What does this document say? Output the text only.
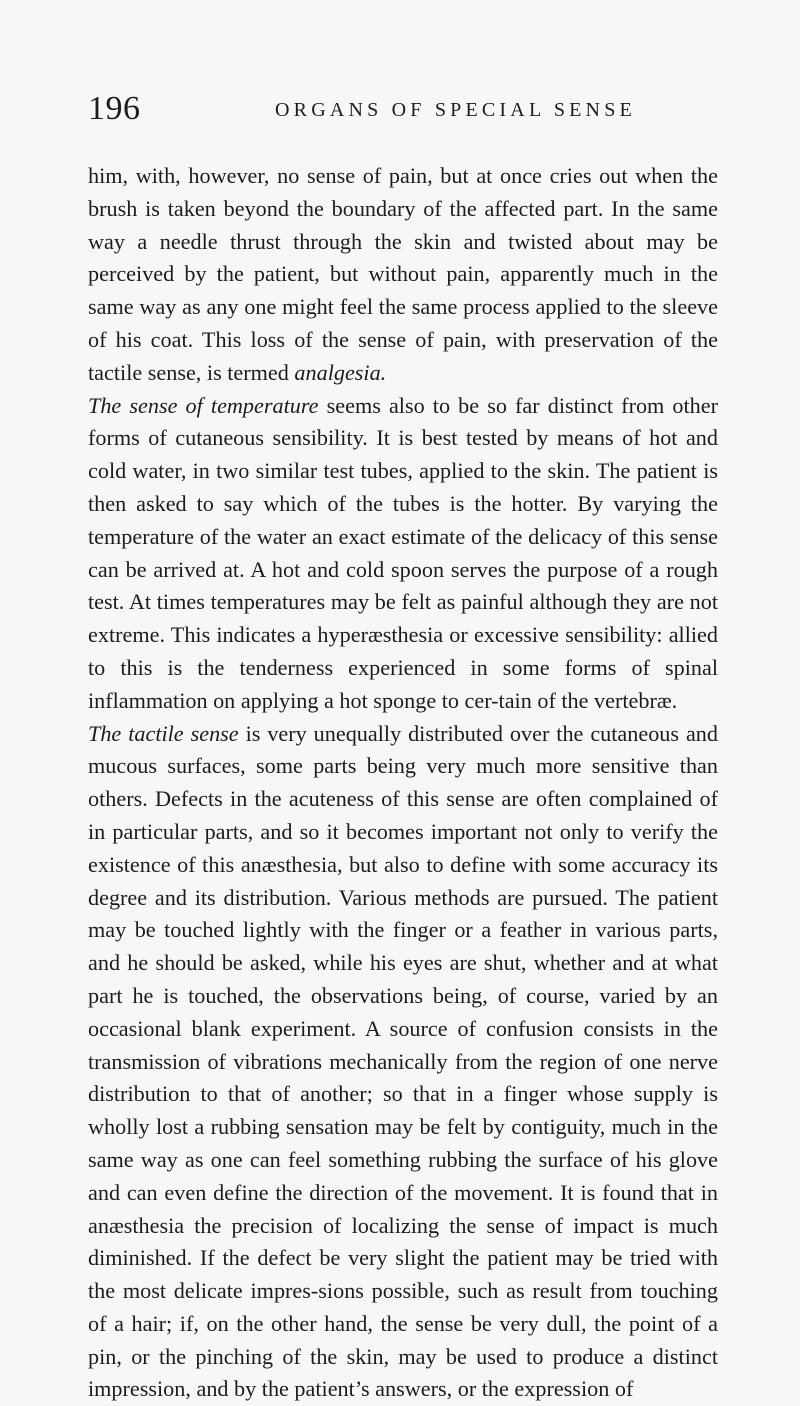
196	ORGANS OF SPECIAL SENSE

him, with, however, no sense of pain, but at once cries out when the brush is taken beyond the boundary of the affected part. In the same way a needle thrust through the skin and twisted about may be perceived by the patient, but without pain, apparently much in the same way as any one might feel the same process applied to the sleeve of his coat. This loss of the sense of pain, with preservation of the tactile sense, is termed analgesia.

The sense of temperature seems also to be so far distinct from other forms of cutaneous sensibility. It is best tested by means of hot and cold water, in two similar test tubes, applied to the skin. The patient is then asked to say which of the tubes is the hotter. By varying the temperature of the water an exact estimate of the delicacy of this sense can be arrived at. A hot and cold spoon serves the purpose of a rough test. At times temperatures may be felt as painful although they are not extreme. This indicates a hyperæsthesia or excessive sensibility: allied to this is the tenderness experienced in some forms of spinal inflammation on applying a hot sponge to cer-tain of the vertebræ.

The tactile sense is very unequally distributed over the cutaneous and mucous surfaces, some parts being very much more sensitive than others. Defects in the acuteness of this sense are often complained of in particular parts, and so it becomes important not only to verify the existence of this anæsthesia, but also to define with some accuracy its degree and its distribution. Various methods are pursued. The patient may be touched lightly with the finger or a feather in various parts, and he should be asked, while his eyes are shut, whether and at what part he is touched, the observations being, of course, varied by an occasional blank experiment. A source of confusion consists in the transmission of vibrations mechanically from the region of one nerve distribution to that of another; so that in a finger whose supply is wholly lost a rubbing sensation may be felt by contiguity, much in the same way as one can feel something rubbing the surface of his glove and can even define the direction of the movement. It is found that in anæsthesia the precision of localizing the sense of impact is much diminished. If the defect be very slight the patient may be tried with the most delicate impres-sions possible, such as result from touching of a hair; if, on the other hand, the sense be very dull, the point of a pin, or the pinching of the skin, may be used to produce a distinct impression, and by the patient’s answers, or the expression of
